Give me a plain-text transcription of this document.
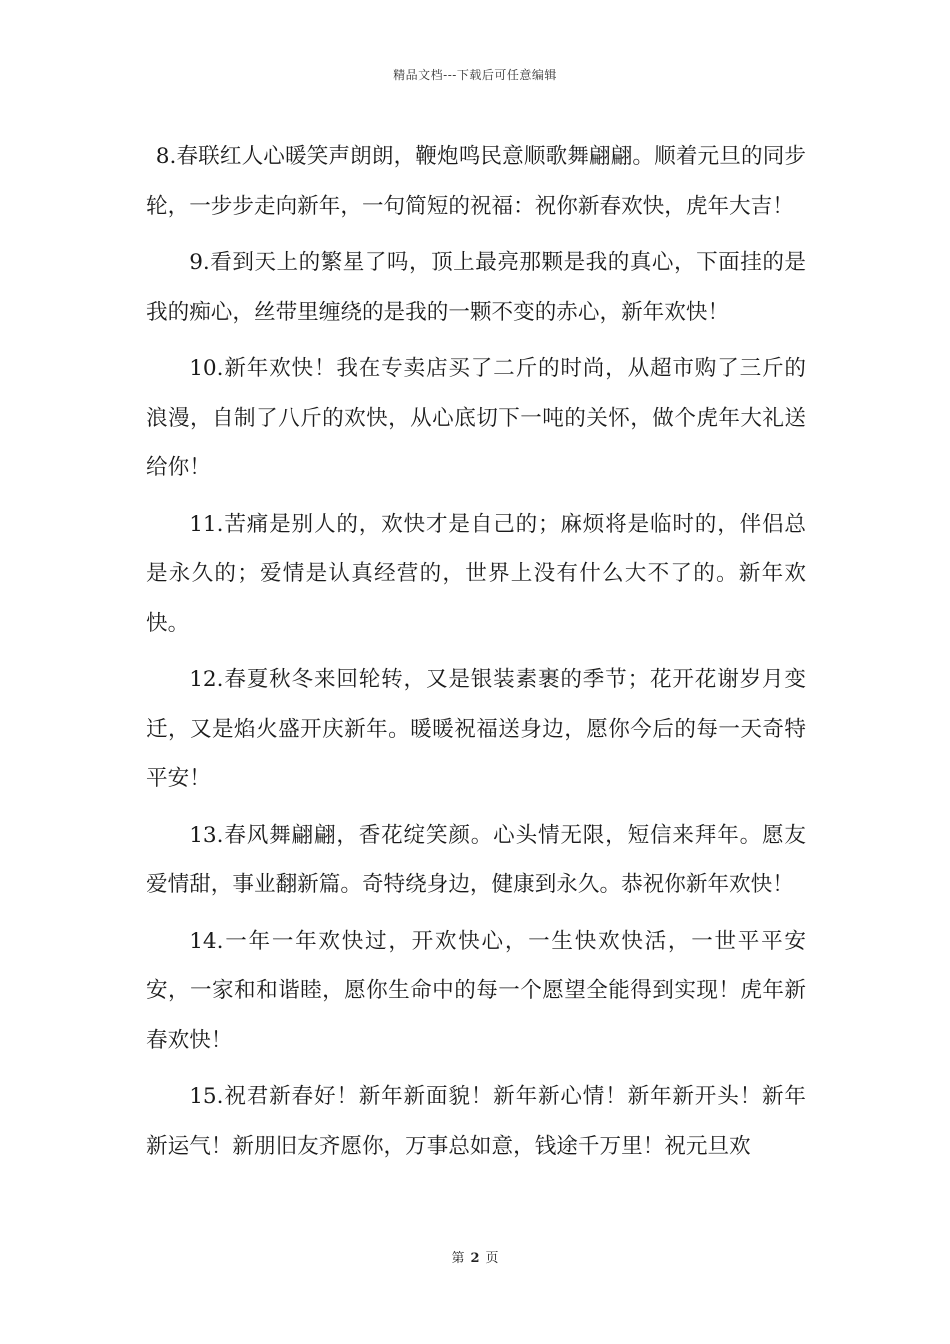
精品文档---下载后可任意编辑

8.春联红人心暖笑声朗朗，鞭炮鸣民意顺歌舞翩翩。顺着元旦的同步轮，一步步走向新年，一句简短的祝福：祝你新春欢快，虎年大吉！

9.看到天上的繁星了吗，顶上最亮那颗是我的真心，下面挂的是我的痴心，丝带里缠绕的是我的一颗不变的赤心，新年欢快！

10.新年欢快！我在专卖店买了二斤的时尚，从超市购了三斤的浪漫，自制了八斤的欢快，从心底切下一吨的关怀，做个虎年大礼送给你！

11.苦痛是别人的，欢快才是自己的；麻烦将是临时的，伴侣总是永久的；爱情是认真经营的，世界上没有什么大不了的。新年欢快。

12.春夏秋冬来回轮转，又是银装素裹的季节；花开花谢岁月变迁，又是焰火盛开庆新年。暖暖祝福送身边，愿你今后的每一天奇特平安！

13.春风舞翩翩，香花绽笑颜。心头情无限，短信来拜年。愿友爱情甜，事业翻新篇。奇特绕身边，健康到永久。恭祝你新年欢快！

14.一年一年欢快过，开欢快心，一生快欢快活，一世平平安安，一家和和谐睦，愿你生命中的每一个愿望全能得到实现！虎年新春欢快！

15.祝君新春好！新年新面貌！新年新心情！新年新开头！新年新运气！新朋旧友齐愿你，万事总如意，钱途千万里！祝元旦欢

第 2 页
